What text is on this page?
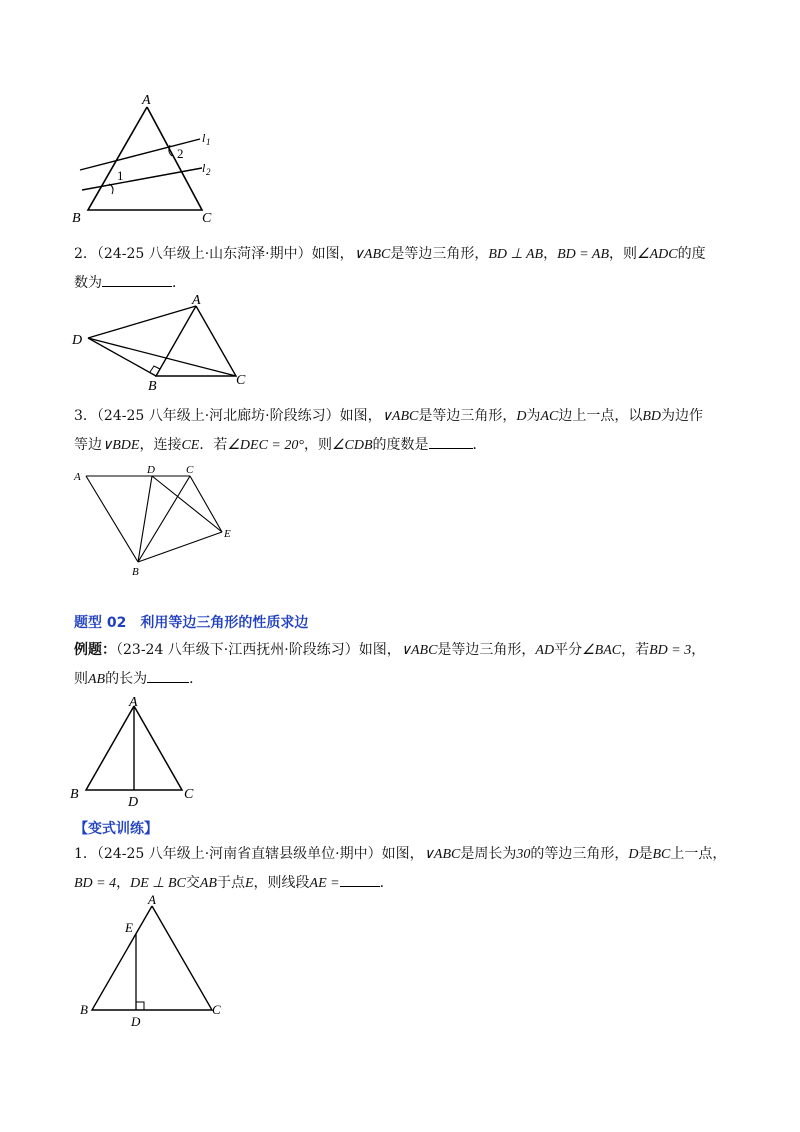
A
B	C
1
2
l 1
l 2

2．（24-25 八年级上·山东菏泽·期中）如图，∨ABC是等边三角形，BD ⊥ AB，BD = AB，则∠ADC的度
数为	．

A
D
B	C

3．（24-25 八年级上·河北廊坊·阶段练习）如图，∨ABC是等边三角形，D为AC边上一点，以BD为边作
等边∨BDE，连接CE．若∠DEC = 20°，则∠CDB的度数是	．

A
D	C
E
B
题型 02　利用等边三角形的性质求边

例题：（23-24 八年级下·江西抚州·阶段练习）如图，∨ABC是等边三角形，AD平分∠BAC，若BD = 3，
则AB的长为	．

A
B	C
D
【变式训练】

1．（24-25 八年级上·河南省直辖县级单位·期中）如图，∨ABC是周长为30的等边三角形，D是BC上一点，
BD = 4，DE ⊥ BC交AB于点E，则线段AE =	．

A
E
B	C
D
